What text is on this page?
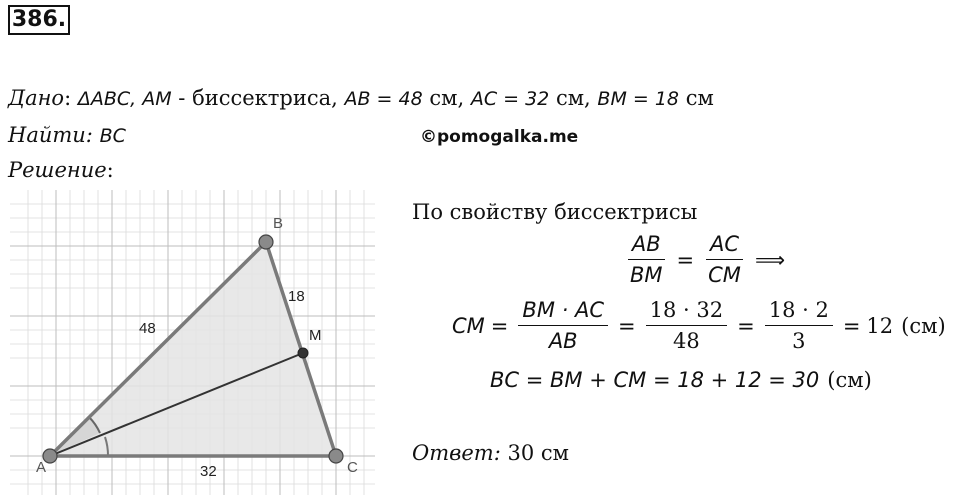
386.
Дано: ΔABC, AM - биссектриса, AB = 48 см, AC = 32 см, BM = 18 см
Найти: BC	©pomogalka.me
Решение:
A
B
C
M
48
18
32
По свойству биссектрисы
$\frac{AB}{BM} = \frac{AC}{CM}$ ⟹
CM = $\frac{BM \cdot AC}{AB} = \frac{18 \cdot 32}{48} = \frac{18 \cdot 2}{3} = 12$ (см)
BC = BM + CM = 18 + 12 = 30 (см)
Ответ: 30 см
